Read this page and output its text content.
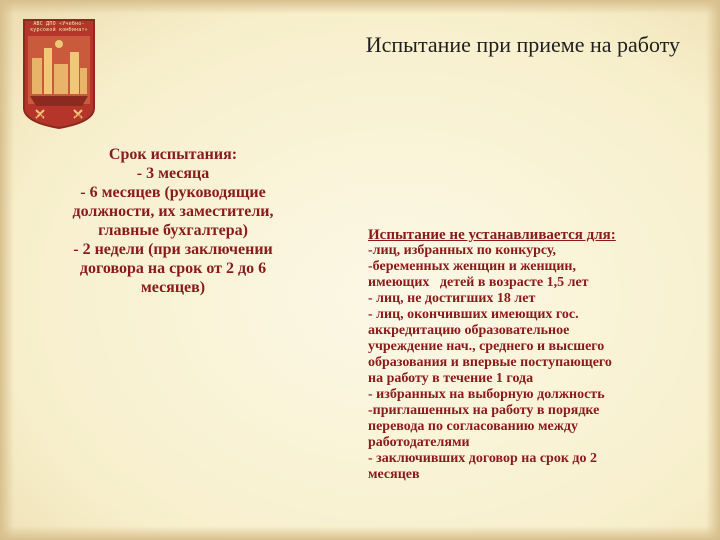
АВС ДПО «Учебно-
курсовой комбинат»
Северодвинск
Испытание при приеме на работу
Срок испытания:
- 3 месяца
- 6 месяцев (руководящие
должности, их заместители,
главные бухгалтера)
- 2 недели (при заключении
договора на срок от 2 до 6
месяцев)
Испытание не устанавливается для:
-лиц, избранных по конкурсу,
-беременных женщин и женщин,
имеющих   детей в возрасте 1,5 лет
- лиц, не достигших 18 лет
- лиц, окончивших имеющих гос.
аккредитацию образовательное
учреждение нач., среднего и высшего
образования и впервые поступающего
на работу в течение 1 года
- избранных на выборную должность
-приглашенных на работу в порядке
перевода по согласованию между
работодателями
- заключивших договор на срок до 2
месяцев
